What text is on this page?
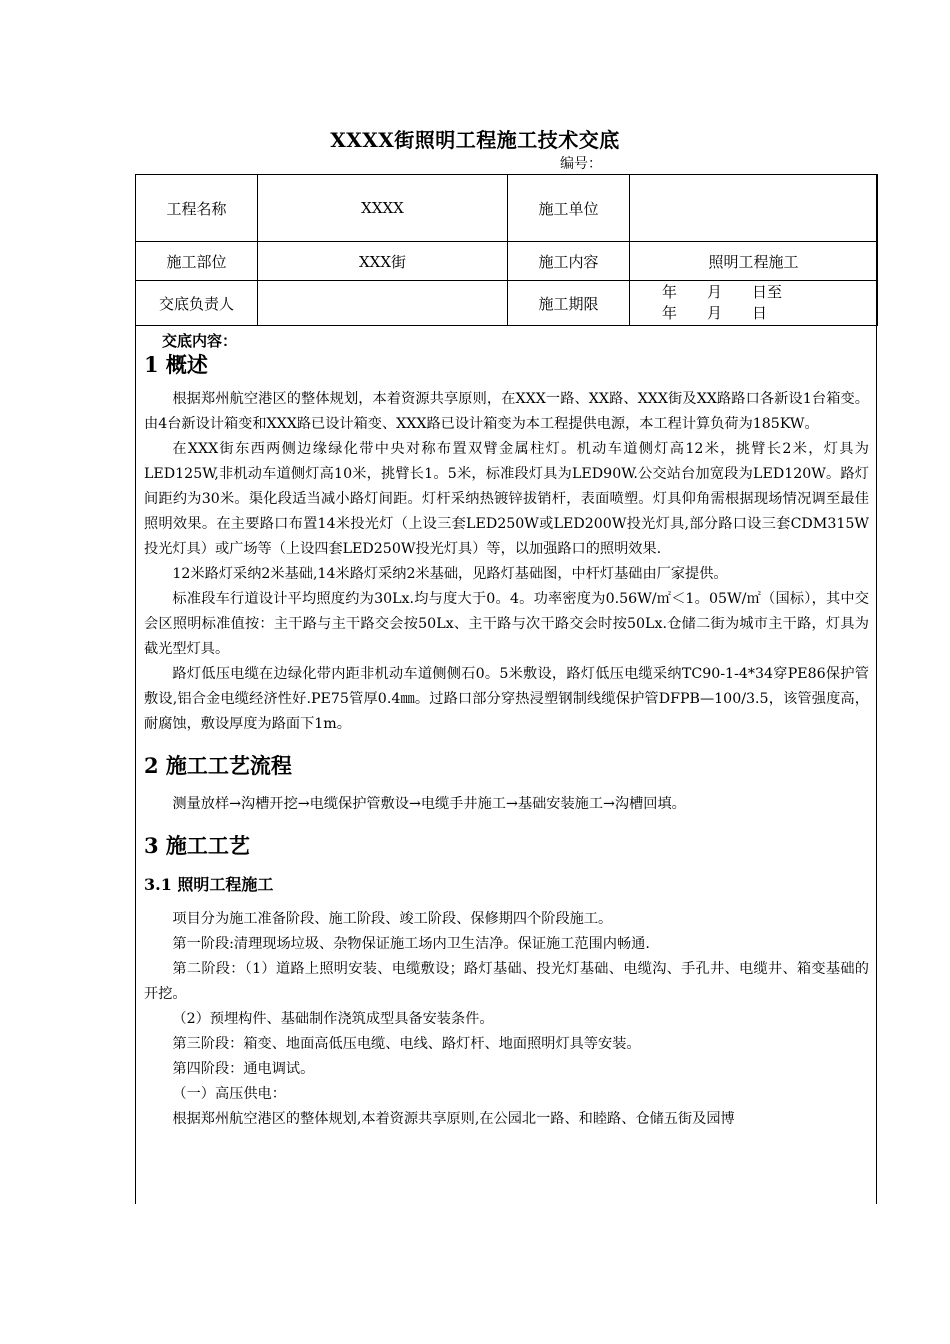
XXXX街照明工程施工技术交底
编号：
工程名称	XXXX	施工单位	
施工部位	XXX街	施工内容	照明工程施工
交底负责人		施工期限	年　　月　　日至
年　　月　　日
交底内容：
1 概述

根据郑州航空港区的整体规划，本着资源共享原则，在XXX一路、XX路、XXX街及XX路路口各新设1台箱变。由4台新设计箱变和XXX路已设计箱变、XXX路已设计箱变为本工程提供电源，本工程计算负荷为185KW。

在XXX街东西两侧边缘绿化带中央对称布置双臂金属柱灯。机动车道侧灯高12米，挑臂长2米，灯具为LED125W,非机动车道侧灯高10米，挑臂长1。5米，标准段灯具为LED90W.公交站台加宽段为LED120W。路灯间距约为30米。渠化段适当减小路灯间距。灯杆采纳热镀锌拔销杆，表面喷塑。灯具仰角需根据现场情况调至最佳照明效果。在主要路口布置14米投光灯（上设三套LED250W或LED200W投光灯具,部分路口设三套CDM315W投光灯具）或广场等（上设四套LED250W投光灯具）等，以加强路口的照明效果.

12米路灯采纳2米基础,14米路灯采纳2米基础，见路灯基础图，中杆灯基础由厂家提供。

标准段车行道设计平均照度约为30Lx.均与度大于0。4。功率密度为0.56W/㎡＜1。05W/㎡（国标），其中交会区照明标准值按：主干路与主干路交会按50Lx、主干路与次干路交会时按50Lx.仓储二街为城市主干路，灯具为截光型灯具。

路灯低压电缆在边绿化带内距非机动车道侧侧石0。5米敷设，路灯低压电缆采纳TC90-1-4*34穿PE86保护管敷设,铝合金电缆经济性好.PE75管厚0.4㎜。过路口部分穿热浸塑钢制线缆保护管DFPB—100/3.5，该管强度高，耐腐蚀，敷设厚度为路面下1m。

2 施工工艺流程

测量放样→沟槽开挖→电缆保护管敷设→电缆手井施工→基础安装施工→沟槽回填。

3 施工工艺
3.1 照明工程施工

项目分为施工准备阶段、施工阶段、竣工阶段、保修期四个阶段施工。

第一阶段:清理现场垃圾、杂物保证施工场内卫生洁净。保证施工范围内畅通.

第二阶段：（1）道路上照明安装、电缆敷设；路灯基础、投光灯基础、电缆沟、手孔井、电缆井、箱变基础的开挖。

（2）预埋构件、基础制作浇筑成型具备安装条件。

第三阶段：箱变、地面高低压电缆、电线、路灯杆、地面照明灯具等安装。

第四阶段：通电调试。

（一）高压供电：

根据郑州航空港区的整体规划,本着资源共享原则,在公园北一路、和睦路、仓储五街及园博
